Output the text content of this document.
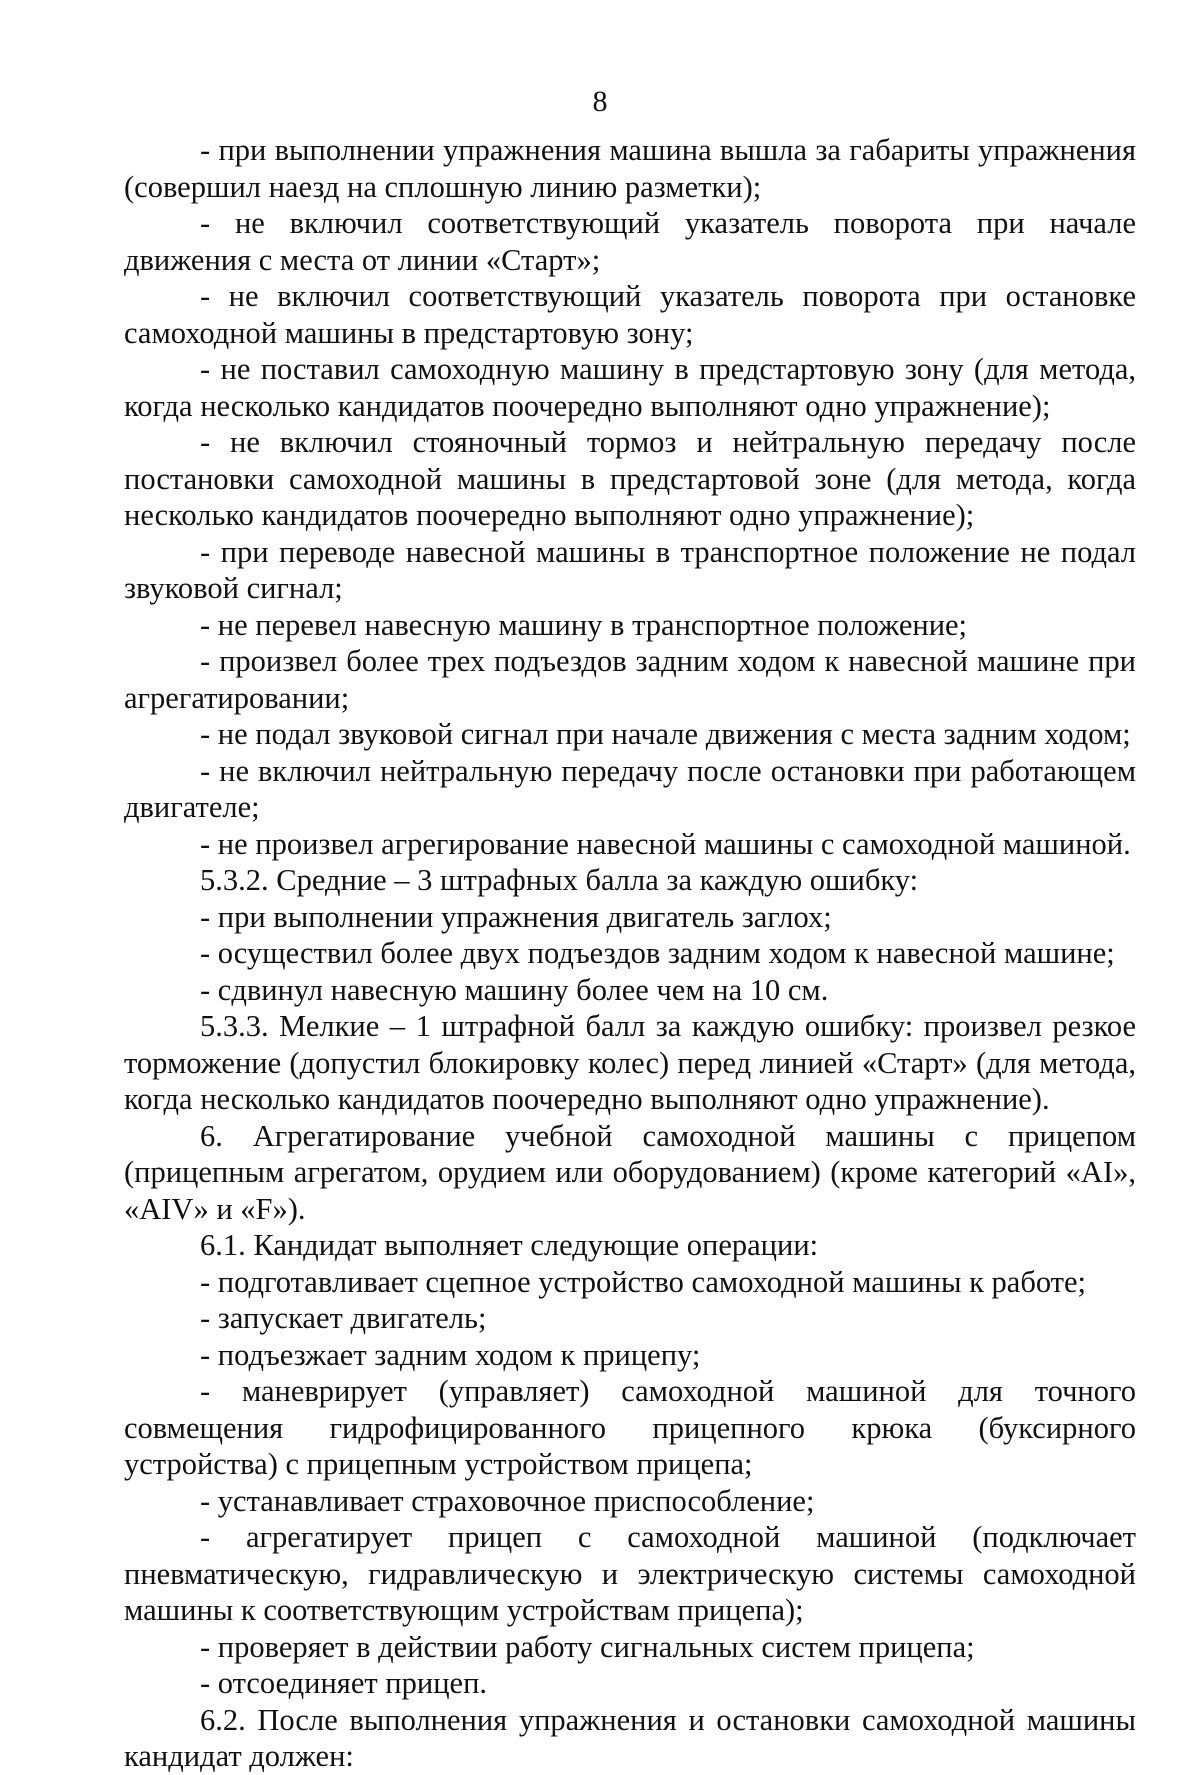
8

- при выполнении упражнения машина вышла за габариты упражнения (совершил наезд на сплошную линию разметки);

- не включил соответствующий указатель поворота при начале движения с места от линии «Старт»;

- не включил соответствующий указатель поворота при остановке самоходной машины в предстартовую зону;

- не поставил самоходную машину в предстартовую зону (для метода, когда несколько кандидатов поочередно выполняют одно упражнение);

- не включил стояночный тормоз и нейтральную передачу после постановки самоходной машины в предстартовой зоне (для метода, когда несколько кандидатов поочередно выполняют одно упражнение);

- при переводе навесной машины в транспортное положение не подал звуковой сигнал;

- не перевел навесную машину в транспортное положение;

- произвел более трех подъездов задним ходом к навесной машине при агрегатировании;

- не подал звуковой сигнал при начале движения с места задним ходом;

- не включил нейтральную передачу после остановки при работающем двигателе;

- не произвел агрегирование навесной машины с самоходной машиной.

5.3.2. Средние – 3 штрафных балла за каждую ошибку:

- при выполнении упражнения двигатель заглох;

- осуществил более двух подъездов задним ходом к навесной машине;

- сдвинул навесную машину более чем на 10 см.

5.3.3. Мелкие – 1 штрафной балл за каждую ошибку: произвел резкое торможение (допустил блокировку колес) перед линией «Старт» (для метода, когда несколько кандидатов поочередно выполняют одно упражнение).

6. Агрегатирование учебной самоходной машины с прицепом (прицепным агрегатом, орудием или оборудованием) (кроме категорий «AI», «AIV» и «F»).

6.1. Кандидат выполняет следующие операции:

- подготавливает сцепное устройство самоходной машины к работе;

- запускает двигатель;

- подъезжает задним ходом к прицепу;

- маневрирует (управляет) самоходной машиной для точного совмещения гидрофицированного прицепного крюка (буксирного устройства) с прицепным устройством прицепа;

- устанавливает страховочное приспособление;

- агрегатирует прицеп с самоходной машиной (подключает пневматическую, гидравлическую и электрическую системы самоходной машины к соответствующим устройствам прицепа);

- проверяет в действии работу сигнальных систем прицепа;

- отсоединяет прицеп.

6.2. После выполнения упражнения и остановки самоходной машины кандидат должен:
